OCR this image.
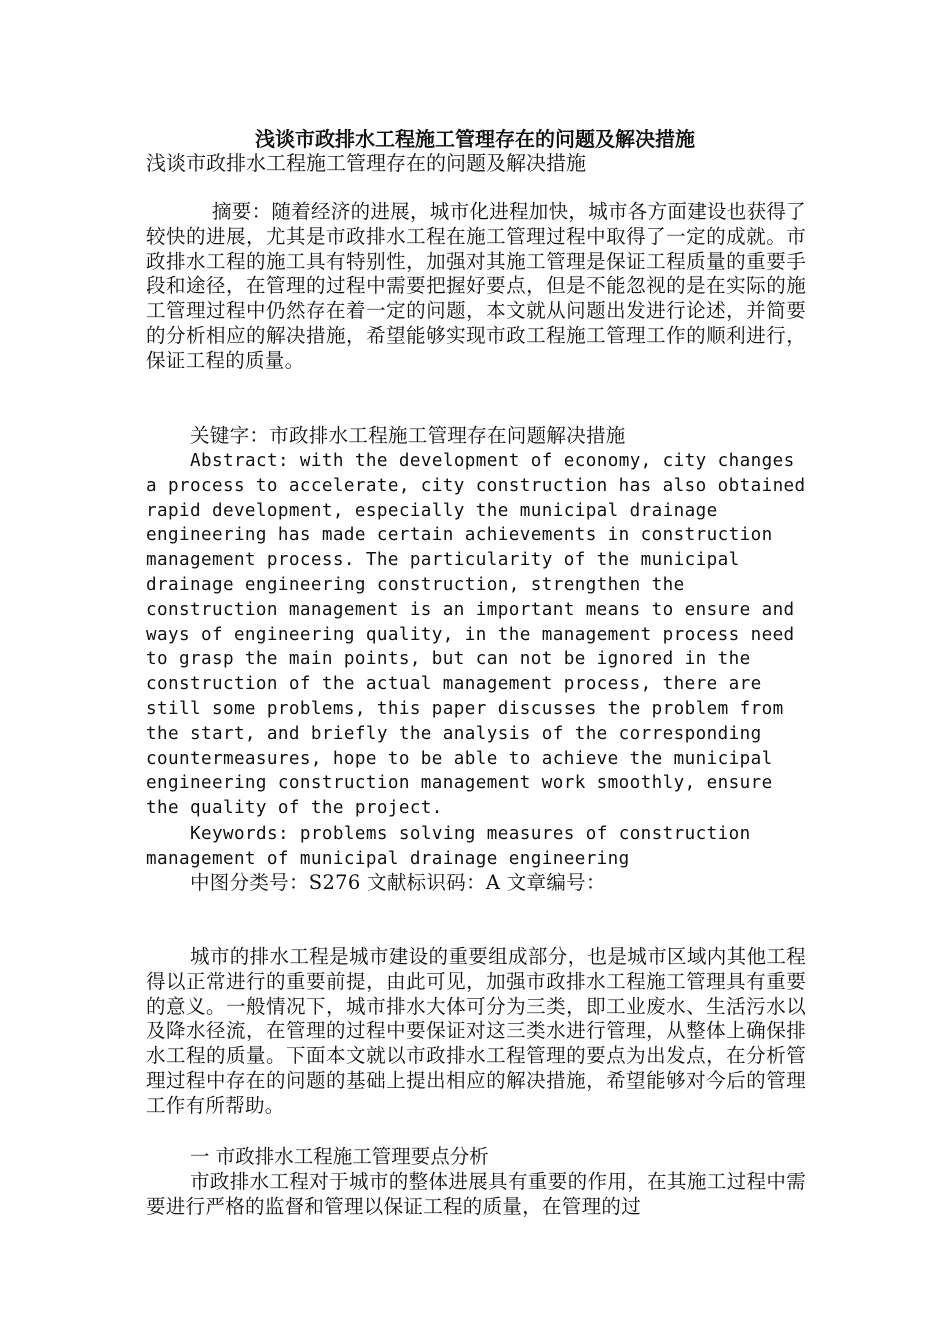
浅谈市政排水工程施工管理存在的问题及解决措施

浅谈市政排水工程施工管理存在的问题及解决措施

摘要：随着经济的进展，城市化进程加快，城市各方面建设也获得了较快的进展，尤其是市政排水工程在施工管理过程中取得了一定的成就。市政排水工程的施工具有特别性，加强对其施工管理是保证工程质量的重要手段和途径，在管理的过程中需要把握好要点，但是不能忽视的是在实际的施工管理过程中仍然存在着一定的问题，本文就从问题出发进行论述，并简要的分析相应的解决措施，希望能够实现市政工程施工管理工作的顺利进行，保证工程的质量。

关键字：市政排水工程施工管理存在问题解决措施

Abstract: with the development of economy, city changes a process to accelerate, city construction has also obtained rapid development, especially the municipal drainage engineering has made certain achievements in construction management process. The particularity of the municipal drainage engineering construction, strengthen the construction management is an important means to ensure and ways of engineering quality, in the management process need to grasp the main points, but can not be ignored in the construction of the actual management process, there are still some problems, this paper discusses the problem from the start, and briefly the analysis of the corresponding countermeasures, hope to be able to achieve the municipal engineering construction management work smoothly, ensure the quality of the project.

Keywords: problems solving measures of construction management of municipal drainage engineering

中图分类号：S276 文献标识码：A 文章编号：

城市的排水工程是城市建设的重要组成部分，也是城市区域内其他工程得以正常进行的重要前提，由此可见，加强市政排水工程施工管理具有重要的意义。一般情况下，城市排水大体可分为三类，即工业废水、生活污水以及降水径流，在管理的过程中要保证对这三类水进行管理，从整体上确保排水工程的质量。下面本文就以市政排水工程管理的要点为出发点，在分析管理过程中存在的问题的基础上提出相应的解决措施，希望能够对今后的管理工作有所帮助。

一 市政排水工程施工管理要点分析

市政排水工程对于城市的整体进展具有重要的作用，在其施工过程中需要进行严格的监督和管理以保证工程的质量，在管理的过
